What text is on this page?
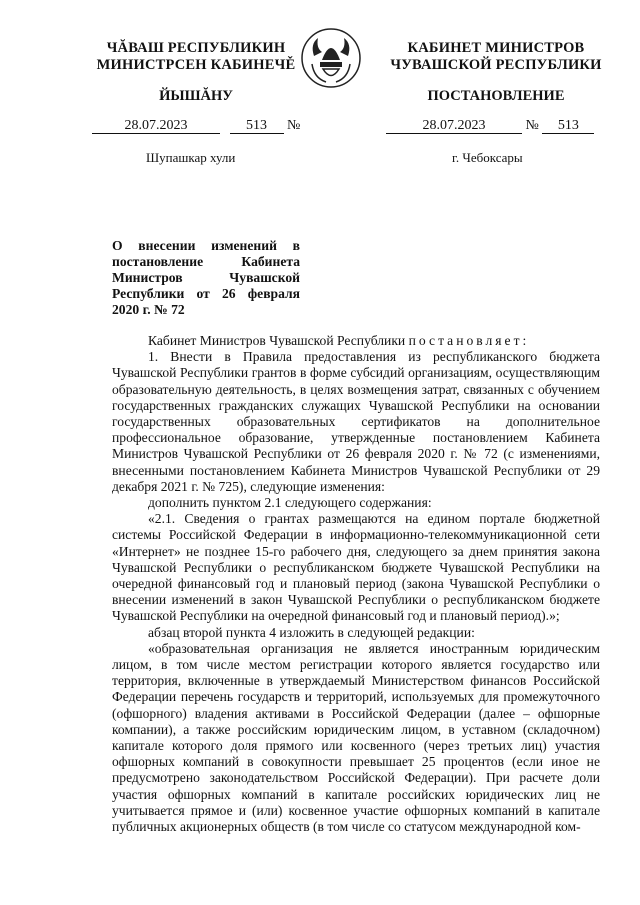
ЧĂВАШ РЕСПУБЛИКИН
МИНИСТРСЕН КАБИНЕЧĚ
ЙЫШĂНУ
КАБИНЕТ МИНИСТРОВ
ЧУВАШСКОЙ РЕСПУБЛИКИ
ПОСТАНОВЛЕНИЕ
28.07.2023	513 №	28.07.2023	№ 513
Шупашкар хули	г. Чебоксары
О внесении изменений в постановление Кабинета Министров Чувашской Республики от 26 февраля 2020 г. № 72

Кабинет Министров Чувашской Республики постановляет:

1. Внести в Правила предоставления из республиканского бюджета Чувашской Республики грантов в форме субсидий организациям, осуществляющим образовательную деятельность, в целях возмещения затрат, связанных с обучением государственных гражданских служащих Чувашской Республики на основании государственных образовательных сертификатов на дополнительное профессиональное образование, утвержденные постановлением Кабинета Министров Чувашской Республики от 26 февраля 2020 г. № 72 (с изменениями, внесенными постановлением Кабинета Министров Чувашской Республики от 29 декабря 2021 г. № 725), следующие изменения:

дополнить пунктом 2.1 следующего содержания:

«2.1. Сведения о грантах размещаются на едином портале бюджетной системы Российской Федерации в информационно-телекоммуникационной сети «Интернет» не позднее 15-го рабочего дня, следующего за днем принятия закона Чувашской Республики о республиканском бюджете Чувашской Республики на очередной финансовый год и плановый период (закона Чувашской Республики о внесении изменений в закон Чувашской Республики о республиканском бюджете Чувашской Республики на очередной финансовый год и плановый период).»;

абзац второй пункта 4 изложить в следующей редакции:

«образовательная организация не является иностранным юридическим лицом, в том числе местом регистрации которого является государство или территория, включенные в утверждаемый Министерством финансов Российской Федерации перечень государств и территорий, используемых для промежуточного (офшорного) владения активами в Российской Федерации (далее – офшорные компании), а также российским юридическим лицом, в уставном (складочном) капитале которого доля прямого или косвенного (через третьих лиц) участия офшорных компаний в совокупности превышает 25 процентов (если иное не предусмотрено законодательством Российской Федерации). При расчете доли участия офшорных компаний в капитале российских юридических лиц не учитывается прямое и (или) косвенное участие офшорных компаний в капитале публичных акционерных обществ (в том числе со статусом международной ком-
